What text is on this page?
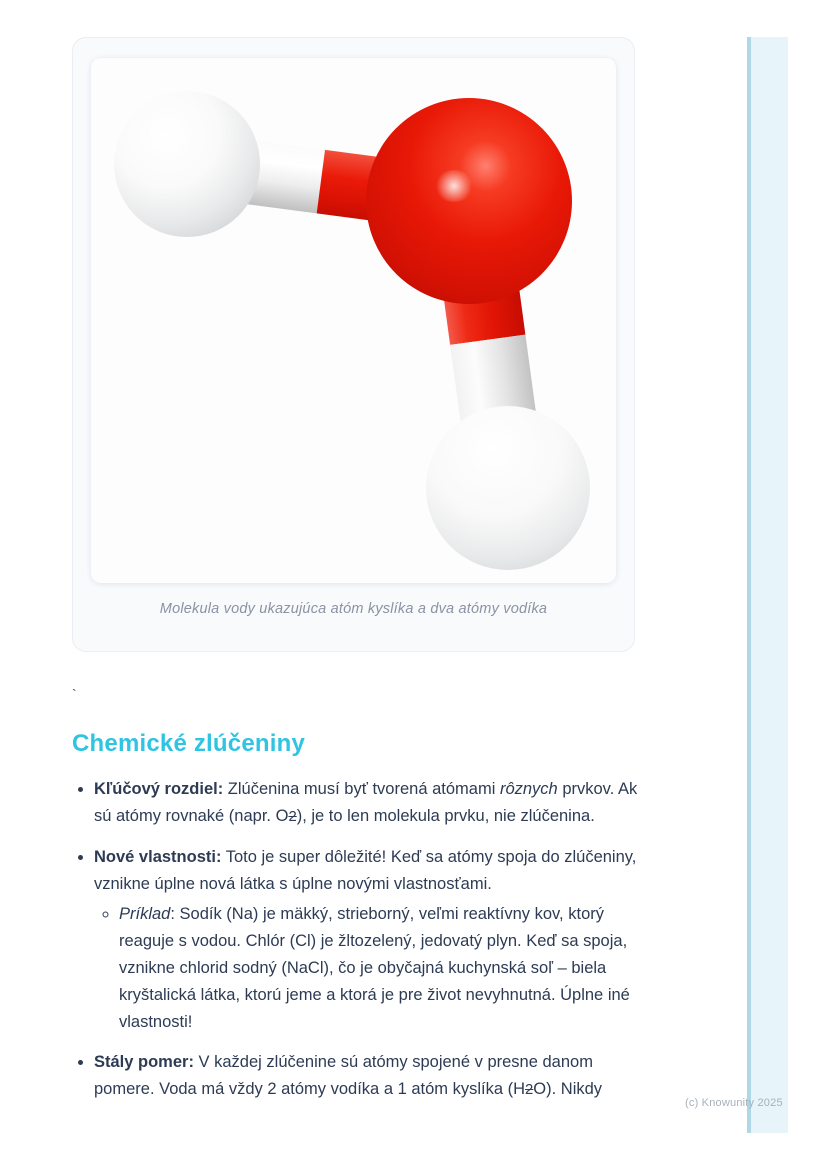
(c) Knowunity 2025
Molekula vody ukazujúca atóm kyslíka a dva atómy vodíka

`

Chemické zlúčeniny
• Kľúčový rozdiel: Zlúčenina musí byť tvorená atómami rôznych prvkov. Ak sú atómy rovnaké (napr. O2), je to len molekula prvku, nie zlúčenina.
• Nové vlastnosti: Toto je super dôležité! Keď sa atómy spoja do zlúčeniny, vznikne úplne nová látka s úplne novými vlastnosťami.
◦ Príklad: Sodík (Na) je mäkký, strieborný, veľmi reaktívny kov, ktorý reaguje s vodou. Chlór (Cl) je žltozelený, jedovatý plyn. Keď sa spoja, vznikne chlorid sodný (NaCl), čo je obyčajná kuchynská soľ – biela kryštalická látka, ktorú jeme a ktorá je pre život nevyhnutná. Úplne iné vlastnosti!
• Stály pomer: V každej zlúčenine sú atómy spojené v presne danom pomere. Voda má vždy 2 atómy vodíka a 1 atóm kyslíka (H2O). Nikdy
